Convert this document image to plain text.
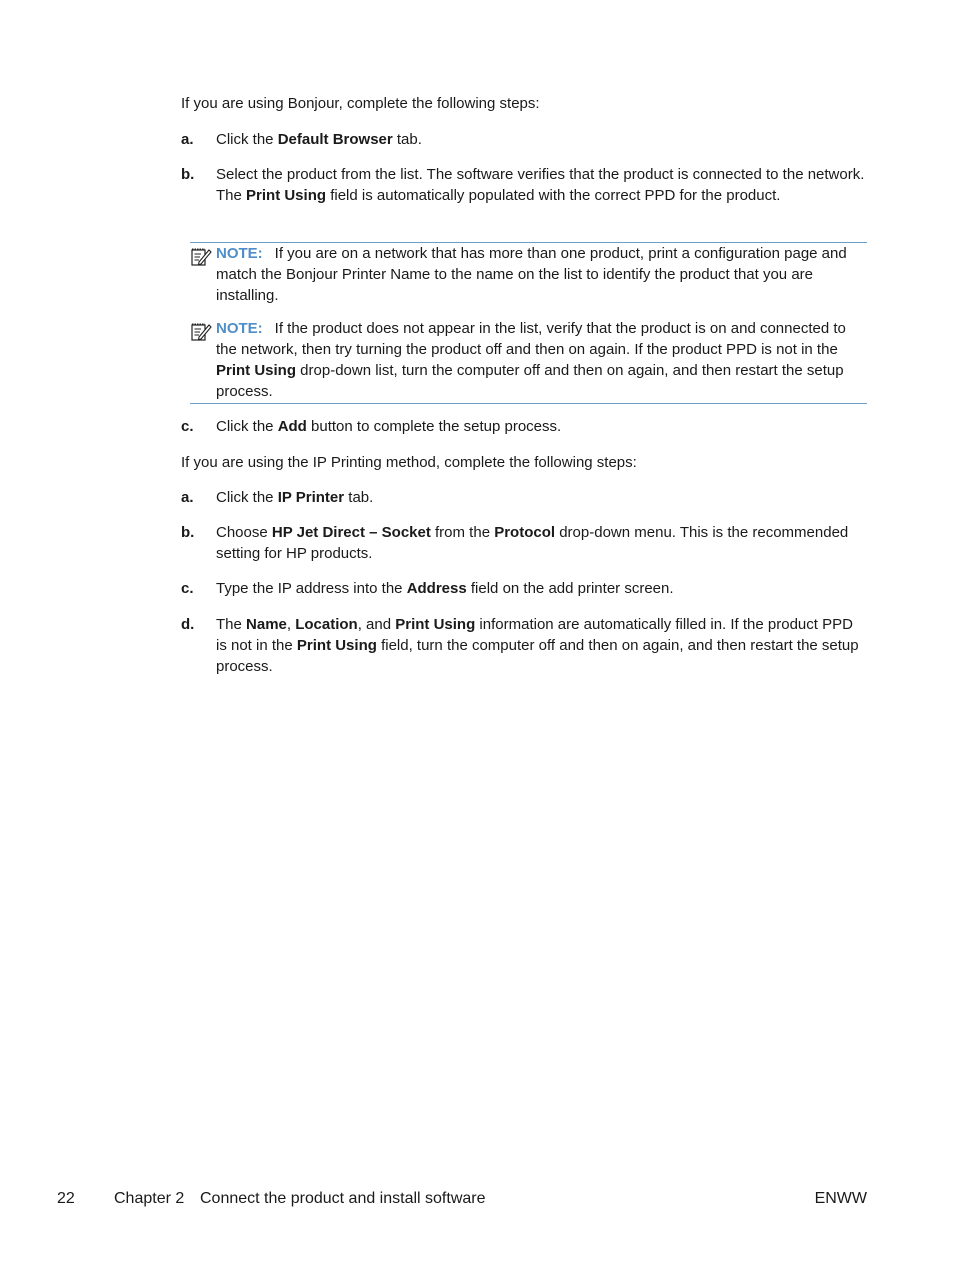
If you are using Bonjour, complete the following steps:

a.	Click the Default Browser tab.
b.	Select the product from the list. The software verifies that the product is connected to the network. The Print Using field is automatically populated with the correct PPD for the product.
NOTE: If you are on a network that has more than one product, print a configuration page and match the Bonjour Printer Name to the name on the list to identify the product that you are installing.
NOTE: If the product does not appear in the list, verify that the product is on and connected to the network, then try turning the product off and then on again. If the product PPD is not in the Print Using drop-down list, turn the computer off and then on again, and then restart the setup process.
c.	Click the Add button to complete the setup process.

If you are using the IP Printing method, complete the following steps:

a.	Click the IP Printer tab.
b.	Choose HP Jet Direct – Socket from the Protocol drop-down menu. This is the recommended setting for HP products.
c.	Type the IP address into the Address field on the add printer screen.
d.	The Name, Location, and Print Using information are automatically filled in. If the product PPD is not in the Print Using field, turn the computer off and then on again, and then restart the setup process.
22 Chapter 2 Connect the product and install software	ENWW
